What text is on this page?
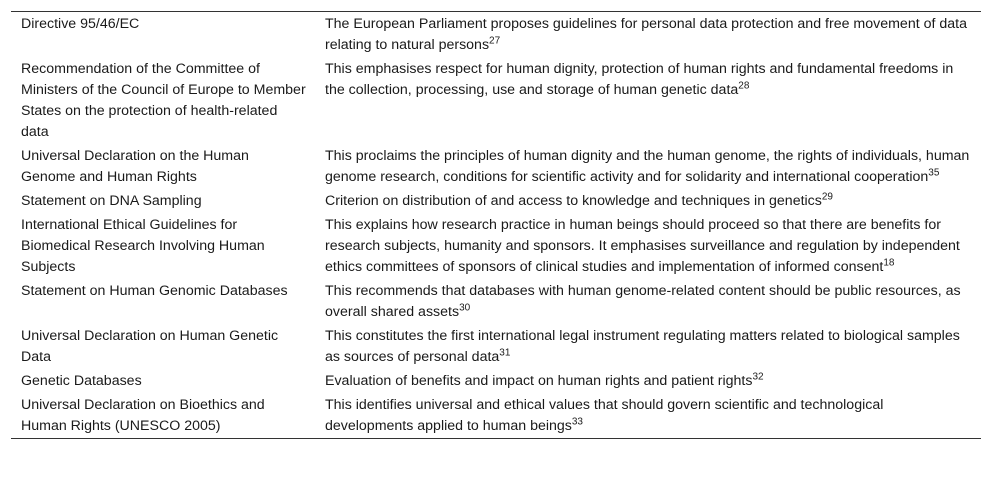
Directive 95/46/EC	The European Parliament proposes guidelines for personal data protection and free movement of data relating to natural persons$^{27}$
Recommendation of the Committee of Ministers of the Council of Europe to Member States on the protection of health-related data	This emphasises respect for human dignity, protection of human rights and fundamental freedoms in the collection, processing, use and storage of human genetic data$^{28}$
Universal Declaration on the Human Genome and Human Rights	This proclaims the principles of human dignity and the human genome, the rights of individuals, human genome research, conditions for scientific activity and for solidarity and international cooperation$^{35}$
Statement on DNA Sampling	Criterion on distribution of and access to knowledge and techniques in genetics$^{29}$
International Ethical Guidelines for Biomedical Research Involving Human Subjects	This explains how research practice in human beings should proceed so that there are benefits for research subjects, humanity and sponsors. It emphasises surveillance and regulation by independent ethics committees of sponsors of clinical studies and implementation of informed consent$^{18}$
Statement on Human Genomic Databases	This recommends that databases with human genome-related content should be public resources, as overall shared assets$^{30}$
Universal Declaration on Human Genetic Data	This constitutes the first international legal instrument regulating matters related to biological samples as sources of personal data$^{31}$
Genetic Databases	Evaluation of benefits and impact on human rights and patient rights$^{32}$
Universal Declaration on Bioethics and Human Rights (UNESCO 2005)	This identifies universal and ethical values that should govern scientific and technological developments applied to human beings$^{33}$
